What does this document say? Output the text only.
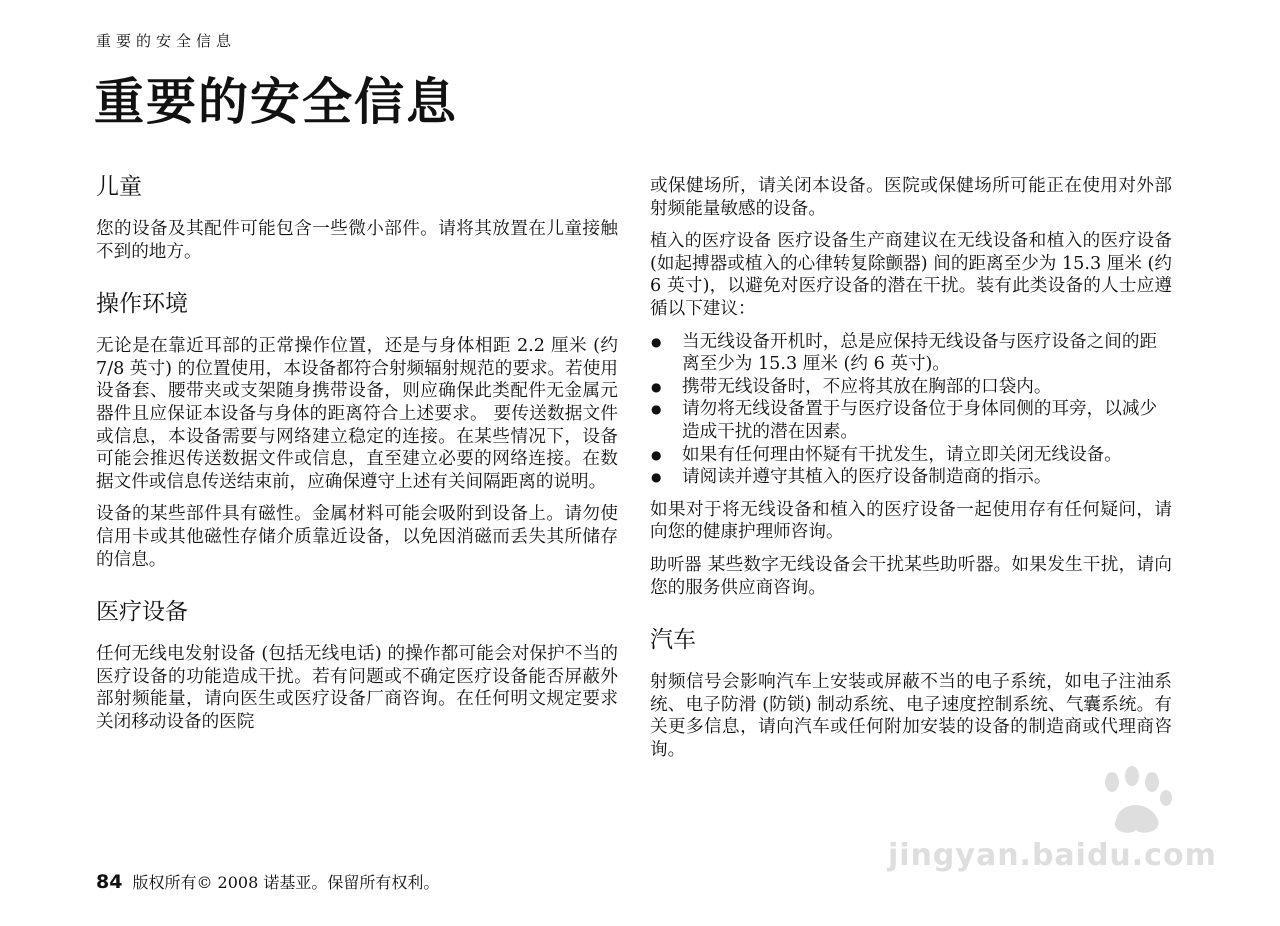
重要的安全信息
重要的安全信息
儿童

您的设备及其配件可能包含一些微小部件。请将其放置在儿童接触不到的地方。

操作环境

无论是在靠近耳部的正常操作位置，还是与身体相距 2.2 厘米 (约 7/8 英寸) 的位置使用，本设备都符合射频辐射规范的要求。若使用设备套、腰带夹或支架随身携带设备，则应确保此类配件无金属元器件且应保证本设备与身体的距离符合上述要求。 要传送数据文件或信息，本设备需要与网络建立稳定的连接。在某些情况下，设备可能会推迟传送数据文件或信息，直至建立必要的网络连接。在数据文件或信息传送结束前，应确保遵守上述有关间隔距离的说明。

设备的某些部件具有磁性。金属材料可能会吸附到设备上。请勿使信用卡或其他磁性存储介质靠近设备，以免因消磁而丢失其所储存的信息。

医疗设备

任何无线电发射设备 (包括无线电话) 的操作都可能会对保护不当的医疗设备的功能造成干扰。若有问题或不确定医疗设备能否屏蔽外部射频能量，请向医生或医疗设备厂商咨询。在任何明文规定要求关闭移动设备的医院

或保健场所，请关闭本设备。医院或保健场所可能正在使用对外部射频能量敏感的设备。

植入的医疗设备 医疗设备生产商建议在无线设备和植入的医疗设备 (如起搏器或植入的心律转复除颤器) 间的距离至少为 15.3 厘米 (约 6 英寸)，以避免对医疗设备的潜在干扰。装有此类设备的人士应遵循以下建议：

● 当无线设备开机时，总是应保持无线设备与医疗设备之间的距离至少为 15.3 厘米 (约 6 英寸)。
● 携带无线设备时，不应将其放在胸部的口袋内。
● 请勿将无线设备置于与医疗设备位于身体同侧的耳旁，以减少造成干扰的潜在因素。
● 如果有任何理由怀疑有干扰发生，请立即关闭无线设备。
● 请阅读并遵守其植入的医疗设备制造商的指示。

如果对于将无线设备和植入的医疗设备一起使用存有任何疑问，请向您的健康护理师咨询。

助听器 某些数字无线设备会干扰某些助听器。如果发生干扰，请向您的服务供应商咨询。

汽车

射频信号会影响汽车上安装或屏蔽不当的电子系统，如电子注油系统、电子防滑 (防锁) 制动系统、电子速度控制系统、气囊系统。有关更多信息，请向汽车或任何附加安装的设备的制造商或代理商咨询。

84 版权所有© 2008 诺基亚。保留所有权利。
jingyan.baidu.com
